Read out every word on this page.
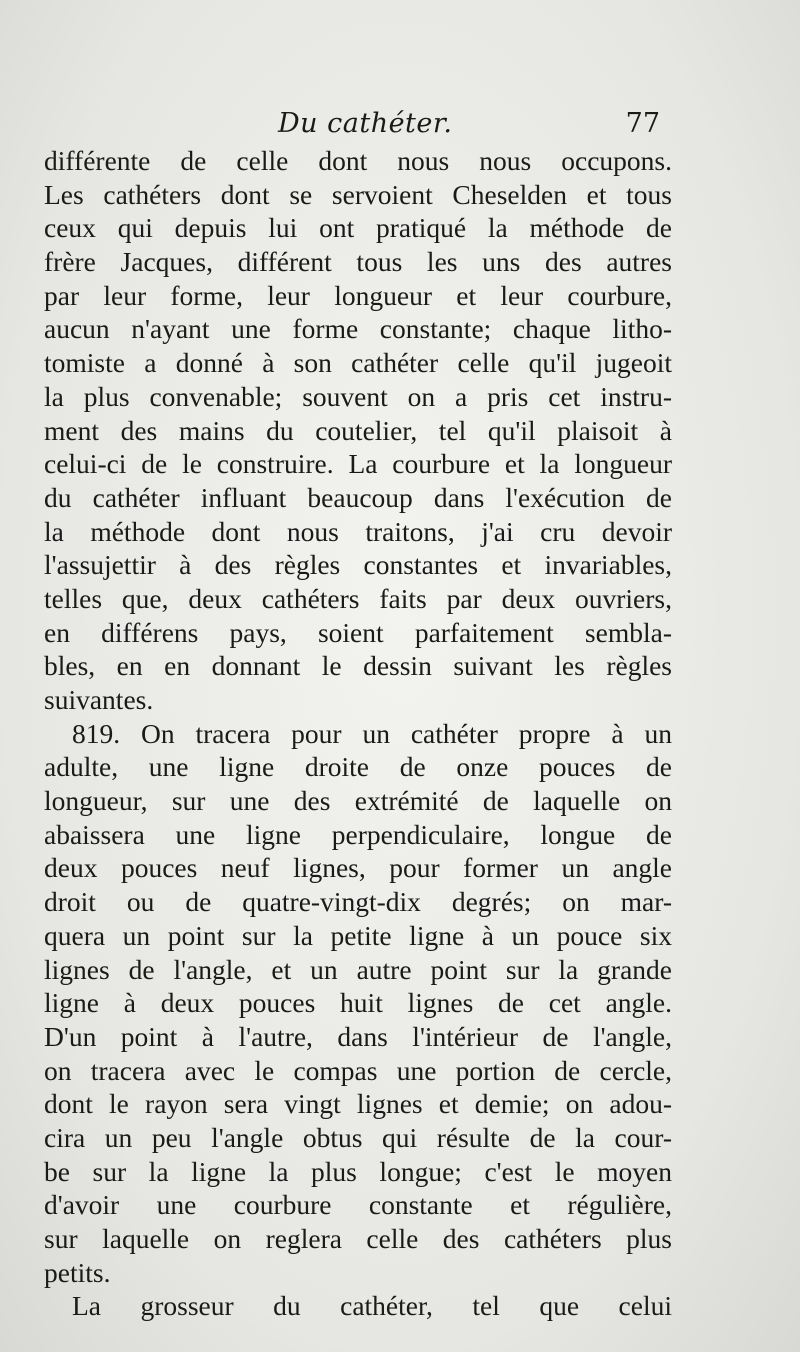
Du cathéter.	77
différente de celle dont nous nous occupons.
Les cathéters dont se servoient Cheselden et tous
ceux qui depuis lui ont pratiqué la méthode de
frère Jacques, différent tous les uns des autres
par leur forme, leur longueur et leur courbure,
aucun n'ayant une forme constante; chaque litho-
tomiste a donné à son cathéter celle qu'il jugeoit
la plus convenable; souvent on a pris cet instru-
ment des mains du coutelier, tel qu'il plaisoit à
celui-ci de le construire. La courbure et la longueur
du cathéter influant beaucoup dans l'exécution de
la méthode dont nous traitons, j'ai cru devoir
l'assujettir à des règles constantes et invariables,
telles que, deux cathéters faits par deux ouvriers,
en différens pays, soient parfaitement sembla-
bles, en en donnant le dessin suivant les règles
suivantes.
819. On tracera pour un cathéter propre à un
adulte, une ligne droite de onze pouces de
longueur, sur une des extrémité de laquelle on
abaissera une ligne perpendiculaire, longue de
deux pouces neuf lignes, pour former un angle
droit ou de quatre-vingt-dix degrés; on mar-
quera un point sur la petite ligne à un pouce six
lignes de l'angle, et un autre point sur la grande
ligne à deux pouces huit lignes de cet angle.
D'un point à l'autre, dans l'intérieur de l'angle,
on tracera avec le compas une portion de cercle,
dont le rayon sera vingt lignes et demie; on adou-
cira un peu l'angle obtus qui résulte de la cour-
be sur la ligne la plus longue; c'est le moyen
d'avoir une courbure constante et régulière,
sur laquelle on reglera celle des cathéters plus
petits.
La grosseur du cathéter, tel que celui
